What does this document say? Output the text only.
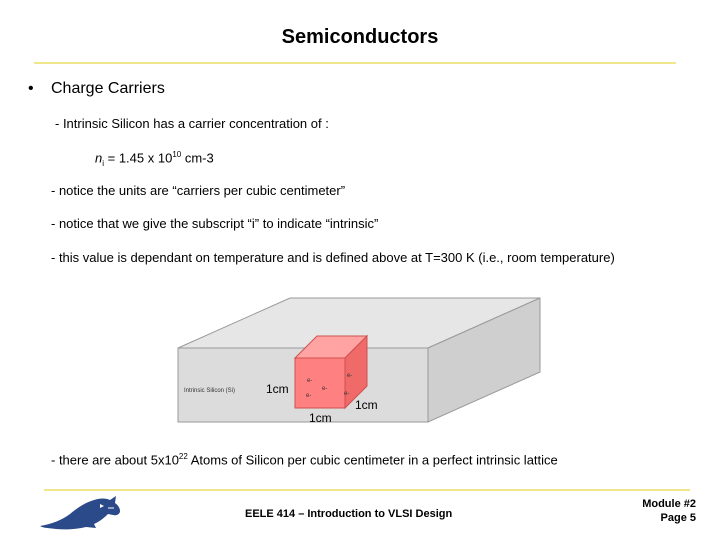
Semiconductors
• Charge Carriers
- Intrinsic Silicon has a carrier concentration of :
$n_i = 1.45$ x $10^{10}$ cm-3
- notice the units are “carriers per cubic centimeter”
- notice that we give the subscript “i” to indicate “intrinsic”
- this value is dependant on temperature and is defined above at T=300 K (i.e., room temperature)
e-
e-
e-
e-
e-
Intrinsic Silicon (Si)	1cm
1cm
1cm
- there are about $5x10^{22}$ Atoms of Silicon per cubic centimeter in a perfect intrinsic lattice
EELE 414 – Introduction to VLSI Design
Module #2
Page 5
